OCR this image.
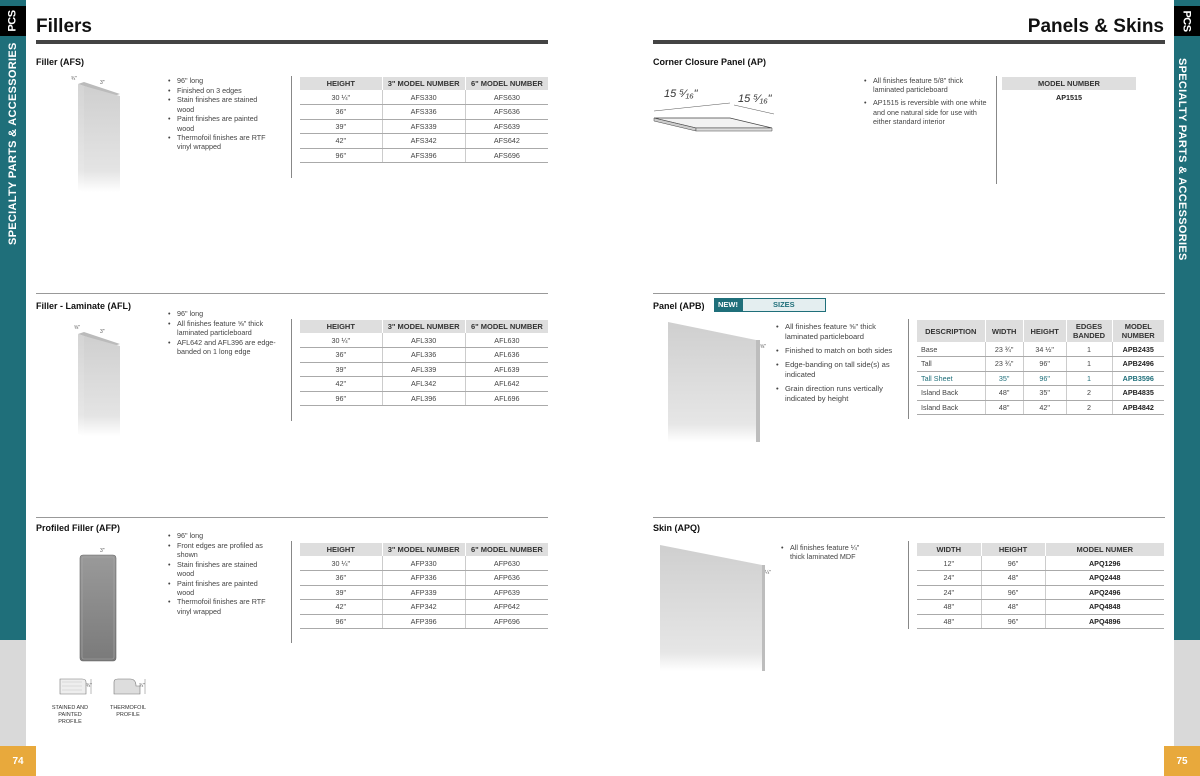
74
PCS
SPECIALTY PARTS & ACCESSORIES
75
PCS
SPECIALTY PARTS & ACCESSORIES
Fillers	Panels & Skins
Filler (AFS)
¾"
3"	• 96" long
• Finished on 3 edges
• Stain finishes are stained wood
• Paint finishes are painted wood
• Thermofoil finishes are RTF vinyl wrapped
HEIGHT	3" MODEL NUMBER	6" MODEL NUMBER
30 ¼"	AFS330	AFS630
36"	AFS336	AFS636
39"	AFS339	AFS639
42"	AFS342	AFS642
96"	AFS396	AFS696
Filler - Laminate (AFL)
⅝"
3"
• 96" long
• All finishes feature ⅝" thick laminated particleboard
• AFL642 and AFL396 are edge-banded on 1 long edge
HEIGHT	3" MODEL NUMBER	6" MODEL NUMBER
30 ¼"	AFL330	AFL630
36"	AFL336	AFL636
39"	AFL339	AFL639
42"	AFL342	AFL642
96"	AFL396	AFL696
Profiled Filler (AFP)
3"
¾"	¾"
STAINED AND PAINTED PROFILE
THERMOFOIL PROFILE
• 96" long
• Front edges are profiled as shown
• Stain finishes are stained wood
• Paint finishes are painted wood
• Thermofoil finishes are RTF vinyl wrapped
HEIGHT	3" MODEL NUMBER	6" MODEL NUMBER
30 ¼"	AFP330	AFP630
36"	AFP336	AFP636
39"	AFP339	AFP639
42"	AFP342	AFP642
96"	AFP396	AFP696
Corner Closure Panel (AP)
15 ⁵⁄₁₆"	15 ⁵⁄₁₆"
• All finishes feature 5/8" thick laminated particleboard
• AP1515 is reversible with one white and one natural side for use with either standard interior
MODEL NUMBER
AP1515
Panel (APB)	NEW!	SIZES
⅝"
• All finishes feature ⅝" thick laminated particleboard
• Finished to match on both sides
• Edge-banding on tall side(s) as indicated
• Grain direction runs vertically indicated by height
DESCRIPTION	WIDTH	HEIGHT	EDGES BANDED	MODEL NUMBER
Base	23 ¾"	34 ½"	1	APB2435
Tall	23 ¾"	96"	1	APB2496
Tall Sheet	35"	96"	1	APB3596
Island Back	48"	35"	2	APB4835
Island Back	48"	42"	2	APB4842
Skin (APQ)
¼"
• All finishes feature ¼" thick laminated MDF
WIDTH	HEIGHT	MODEL NUMER
12"	96"	APQ1296
24"	48"	APQ2448
24"	96"	APQ2496
48"	48"	APQ4848
48"	96"	APQ4896
